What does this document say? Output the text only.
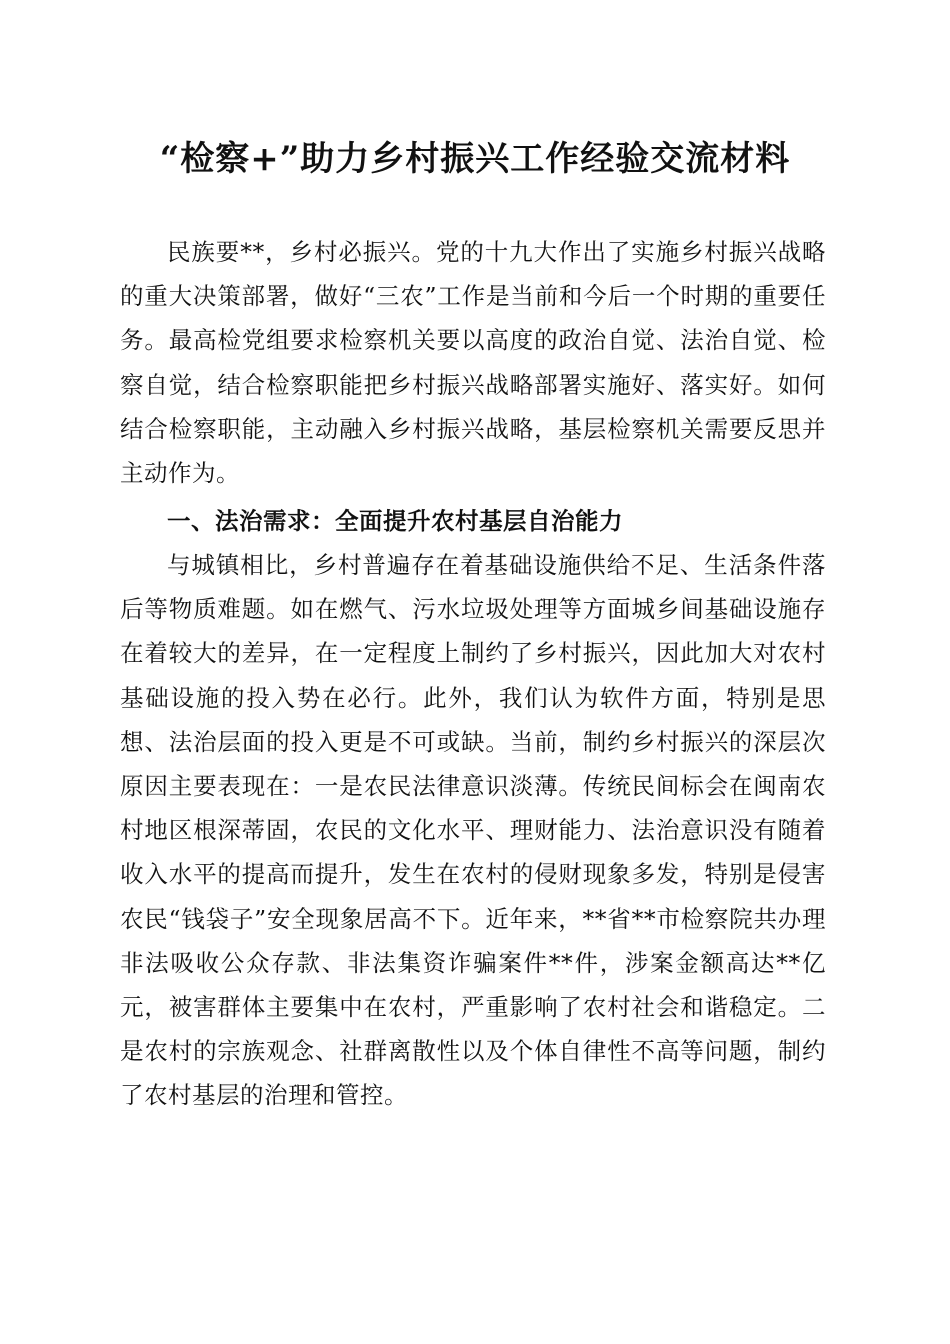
“检察+”助力乡村振兴工作经验交流材料

民族要**，乡村必振兴。党的十九大作出了实施乡村振兴战略的重大决策部署，做好“三农”工作是当前和今后一个时期的重要任务。最高检党组要求检察机关要以高度的政治自觉、法治自觉、检察自觉，结合检察职能把乡村振兴战略部署实施好、落实好。如何结合检察职能，主动融入乡村振兴战略，基层检察机关需要反思并主动作为。

一、法治需求：全面提升农村基层自治能力

与城镇相比，乡村普遍存在着基础设施供给不足、生活条件落后等物质难题。如在燃气、污水垃圾处理等方面城乡间基础设施存在着较大的差异，在一定程度上制约了乡村振兴，因此加大对农村基础设施的投入势在必行。此外，我们认为软件方面，特别是思想、法治层面的投入更是不可或缺。当前，制约乡村振兴的深层次原因主要表现在：一是农民法律意识淡薄。传统民间标会在闽南农村地区根深蒂固，农民的文化水平、理财能力、法治意识没有随着收入水平的提高而提升，发生在农村的侵财现象多发，特别是侵害农民“钱袋子”安全现象居高不下。近年来，**省**市检察院共办理非法吸收公众存款、非法集资诈骗案件**件，涉案金额高达**亿元，被害群体主要集中在农村，严重影响了农村社会和谐稳定。二是农村的宗族观念、社群离散性以及个体自律性不高等问题，制约了农村基层的治理和管控。
